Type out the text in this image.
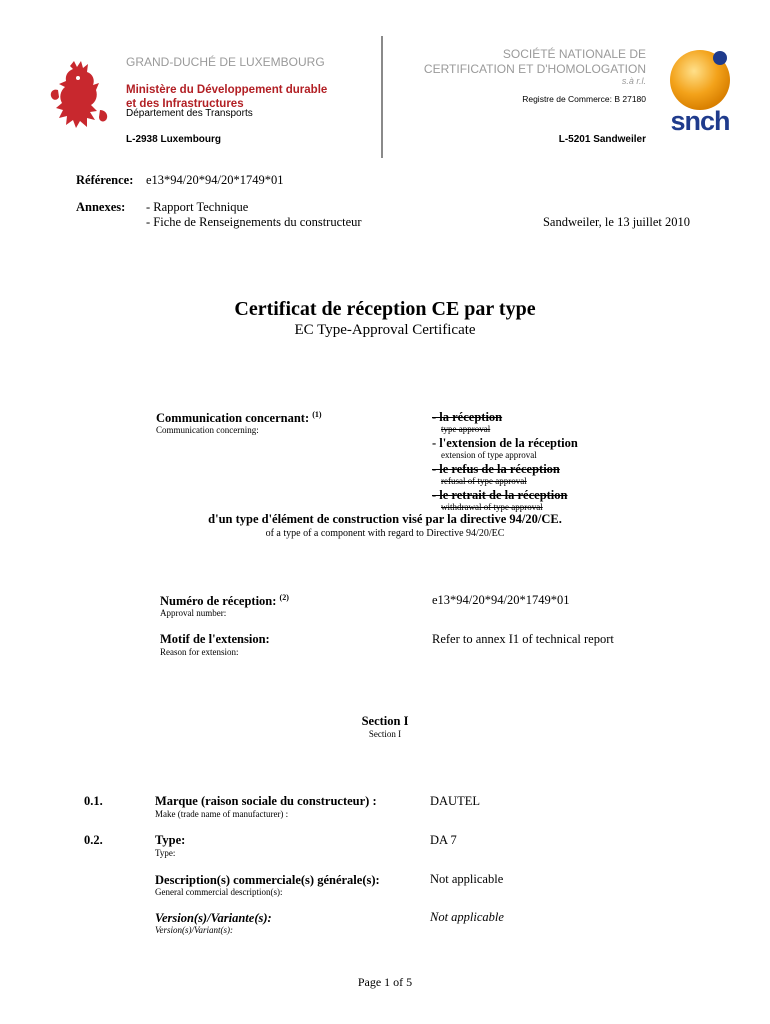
GRAND-DUCHÉ DE LUXEMBOURG
Ministère du Développement durable
et des Infrastructures
Département des Transports
L-2938 Luxembourg
SOCIÉTÉ NATIONALE DE
CERTIFICATION ET D'HOMOLOGATION
s.à r.l.
Registre de Commerce: B 27180
L-5201 Sandweiler
snch
Référence: e13*94/20*94/20*1749*01
Annexes: - Rapport Technique
- Fiche de Renseignements du constructeur	Sandweiler, le 13 juillet 2010
Certificat de réception CE par type
EC Type-Approval Certificate
Communication concernant: $^{(1)}$
Communication concerning:
- la réception
type approval
- l'extension de la réception
extension of type approval
- le refus de la réception
refusal of type approval
- le retrait de la réception
withdrawal of type approval
d'un type d'élément de construction visé par la directive 94/20/CE.
of a type of a component with regard to Directive 94/20/EC
Numéro de réception: $^{(2)}$
Approval number:
e13*94/20*94/20*1749*01
Motif de l'extension:
Reason for extension:
Refer to annex I1 of technical report
Section I
Section I
0.1.	Marque (raison sociale du constructeur) :
Make (trade name of manufacturer) :
DAUTEL
0.2.	Type:
Type:
DA 7
Description(s) commerciale(s) générale(s):
General commercial description(s):
Not applicable
Version(s)/Variante(s):
Version(s)/Variant(s):
Not applicable
Page 1 of 5
